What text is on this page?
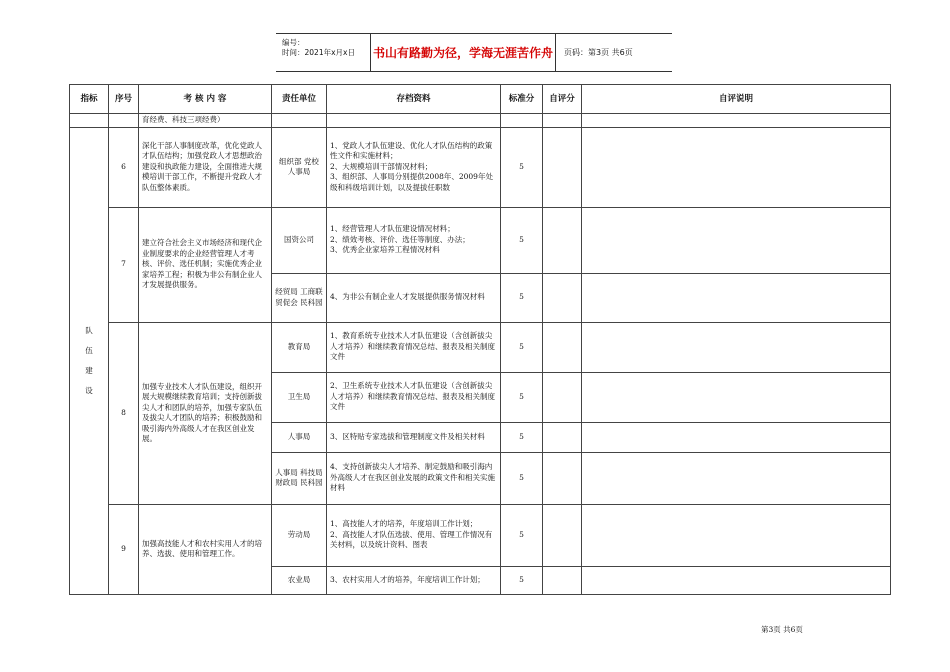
编号：
时间：2021年x月x日	书山有路勤为径，学海无涯苦作舟	页码：第3页 共6页
指标	序号	考 核 内 容	责任单位	存档资料	标准分	自评分	自评说明
		育经费、科技三项经费）					

队
伍
建
设	6	深化干部人事制度改革，优化党政人才队伍结构；加强党政人才思想政治建设和执政能力建设，全面推进大规模培训干部工作，不断提升党政人才队伍整体素质。	组织部 党校 人事局	1、党政人才队伍建设、优化人才队伍结构的政策性文件和实施材料；
2、大规模培训干部情况材料；
3、组织部、人事局分别提供2008年、2009年处级和科级培训计划，以及提拔任职数	5		
	7	建立符合社会主义市场经济和现代企业制度要求的企业经营管理人才考核、评价、选任机制；实施优秀企业家培养工程；积极为非公有制企业人才发展提供服务。	国资公司	1、经营管理人才队伍建设情况材料；
2、绩效考核、评价、选任等制度、办法；
3、优秀企业家培养工程情况材料	5		
			经贸局 工商联 贸促会 民科园	4、为非公有制企业人才发展提供服务情况材料	5		
	8	加强专业技术人才队伍建设，组织开展大规模继续教育培训；支持创新拔尖人才和团队的培养，加强专家队伍及拔尖人才团队的培养；积极鼓励和吸引海内外高级人才在我区创业发展。	教育局	1、教育系统专业技术人才队伍建设（含创新拔尖人才培养）和继续教育情况总结、报表及相关制度文件	5		
			卫生局	2、卫生系统专业技术人才队伍建设（含创新拔尖人才培养）和继续教育情况总结、报表及相关制度文件	5		
			人事局	3、区特贴专家选拔和管理制度文件及相关材料	5		
			人事局 科技局 财政局 民科园	4、支持创新拔尖人才培养、制定鼓励和吸引海内外高级人才在我区创业发展的政策文件和相关实施材料	5		
	9	加强高技能人才和农村实用人才的培养、选拔、使用和管理工作。	劳动局	1、高技能人才的培养，年度培训工作计划；
2、高技能人才队伍选拔、使用、管理工作情况有关材料，以及统计资料、图表	5		
			农业局	3、农村实用人才的培养，年度培训工作计划；	5		
第3页 共6页
